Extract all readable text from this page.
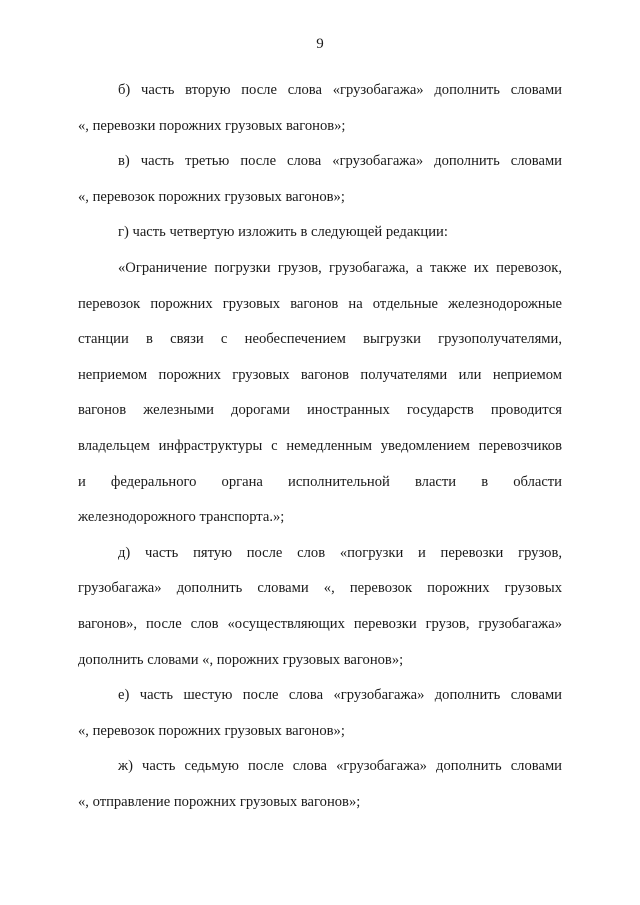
9

б) часть вторую после слова «грузобагажа» дополнить словами
«, перевозки порожних грузовых вагонов»;

в) часть третью после слова «грузобагажа» дополнить словами
«, перевозок порожних грузовых вагонов»;

г) часть четвертую изложить в следующей редакции:

«Ограничение погрузки грузов, грузобагажа, а также их перевозок,
перевозок порожних грузовых вагонов на отдельные железнодорожные
станции в связи с необеспечением выгрузки грузополучателями,
неприемом порожних грузовых вагонов получателями или неприемом
вагонов железными дорогами иностранных государств проводится
владельцем инфраструктуры с немедленным уведомлением перевозчиков
и федерального органа исполнительной власти в области
железнодорожного транспорта.»;

д) часть пятую после слов «погрузки и перевозки грузов,
грузобагажа» дополнить словами «, перевозок порожних грузовых
вагонов», после слов «осуществляющих перевозки грузов, грузобагажа»
дополнить словами «, порожних грузовых вагонов»;

е) часть шестую после слова «грузобагажа» дополнить словами
«, перевозок порожних грузовых вагонов»;

ж) часть седьмую после слова «грузобагажа» дополнить словами
«, отправление порожних грузовых вагонов»;
